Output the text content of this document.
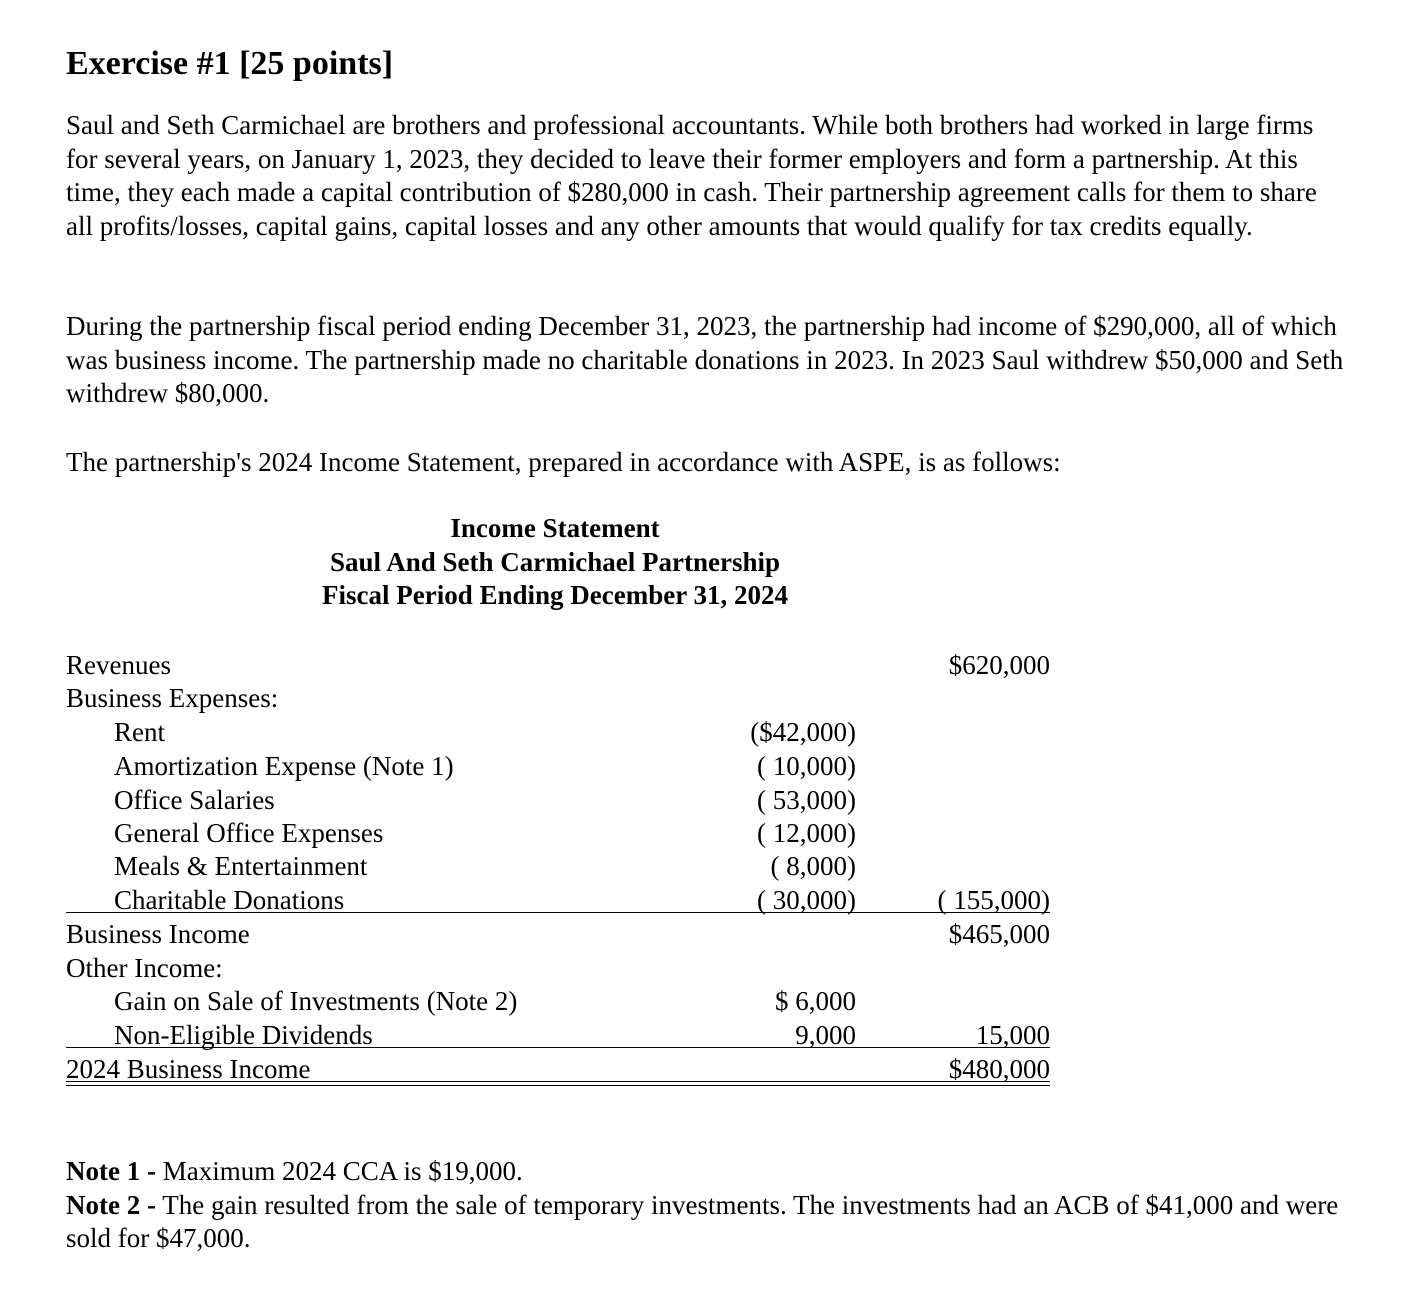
Exercise #1 [25 points]

Saul and Seth Carmichael are brothers and professional accountants. While both brothers had worked in large firms for several years, on January 1, 2023, they decided to leave their former employers and form a partnership. At this time, they each made a capital contribution of $280,000 in cash. Their partnership agreement calls for them to share all profits/losses, capital gains, capital losses and any other amounts that would qualify for tax credits equally.

During the partnership fiscal period ending December 31, 2023, the partnership had income of $290,000, all of which was business income. The partnership made no charitable donations in 2023. In 2023 Saul withdrew $50,000 and Seth withdrew $80,000.

The partnership's 2024 Income Statement, prepared in accordance with ASPE, is as follows:

Income Statement
Saul And Seth Carmichael Partnership
Fiscal Period Ending December 31, 2024
Revenues	$620,000
Business Expenses:
Rent	($42,000)
Amortization Expense (Note 1)	( 10,000)
Office Salaries	( 53,000)
General Office Expenses	( 12,000)
Meals & Entertainment	( 8,000)
Charitable Donations	( 30,000)	( 155,000)
Business Income	$465,000
Other Income:
Gain on Sale of Investments (Note 2)	$ 6,000
Non-Eligible Dividends	9,000	15,000
2024 Business Income	$480,000
Note 1 - Maximum 2024 CCA is $19,000.
Note 2 - The gain resulted from the sale of temporary investments. The investments had an ACB of $41,000 and were sold for $47,000.
